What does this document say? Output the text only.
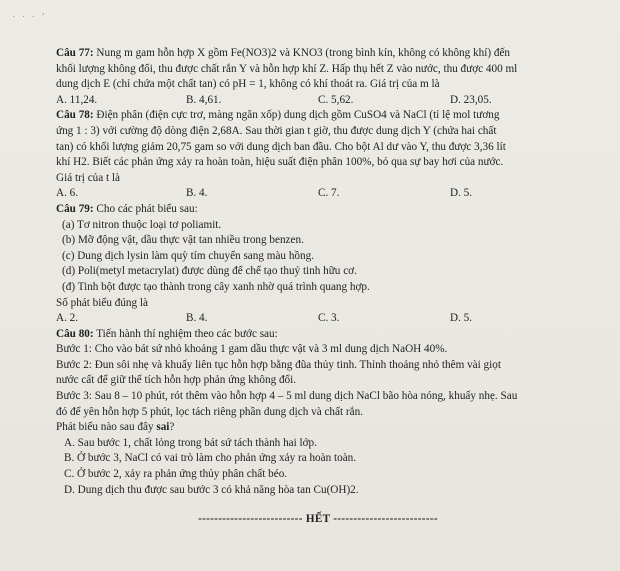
· · · ’

Câu 77: Nung m gam hỗn hợp X gồm Fe(NO3)2 và KNO3 (trong bình kín, không có không khí) đến

khối lượng không đổi, thu được chất rắn Y và hỗn hợp khí Z. Hấp thụ hết Z vào nước, thu được 400 ml

dung dịch E (chỉ chứa một chất tan) có pH = 1, không có khí thoát ra. Giá trị của m là

A. 11,24.	B. 4,61.	C. 5,62.	D. 23,05.

Câu 78: Điện phân (điện cực trơ, màng ngăn xốp) dung dịch gồm CuSO4 và NaCl (tỉ lệ mol tương

ứng 1 : 3) với cường độ dòng điện 2,68A. Sau thời gian t giờ, thu được dung dịch Y (chứa hai chất

tan) có khối lượng giảm 20,75 gam so với dung dịch ban đầu. Cho bột Al dư vào Y, thu được 3,36 lít

khí H2. Biết các phản ứng xảy ra hoàn toàn, hiệu suất điện phân 100%, bỏ qua sự bay hơi của nước.

Giá trị của t là

A. 6.	B. 4.	C. 7.	D. 5.

Câu 79: Cho các phát biểu sau:

(a) Tơ nitron thuộc loại tơ poliamit.

(b) Mỡ động vật, dầu thực vật tan nhiều trong benzen.

(c) Dung dịch lysin làm quỳ tím chuyển sang màu hồng.

(d) Poli(metyl metacrylat) được dùng để chế tạo thuỷ tinh hữu cơ.

(đ) Tinh bột được tạo thành trong cây xanh nhờ quá trình quang hợp.

Số phát biểu đúng là

A. 2.	B. 4.	C. 3.	D. 5.

Câu 80: Tiến hành thí nghiệm theo các bước sau:

Bước 1: Cho vào bát sứ nhỏ khoảng 1 gam dầu thực vật và 3 ml dung dịch NaOH 40%.

Bước 2: Đun sôi nhẹ và khuấy liên tục hỗn hợp bằng đũa thủy tinh. Thỉnh thoảng nhỏ thêm vài giọt

nước cất để giữ thể tích hỗn hợp phản ứng không đổi.

Bước 3: Sau 8 – 10 phút, rót thêm vào hỗn hợp 4 – 5 ml dung dịch NaCl bão hòa nóng, khuấy nhẹ. Sau

đó để yên hỗn hợp 5 phút, lọc tách riêng phần dung dịch và chất rắn.

Phát biểu nào sau đây sai?

A. Sau bước 1, chất lỏng trong bát sứ tách thành hai lớp.

B. Ở bước 3, NaCl có vai trò làm cho phản ứng xảy ra hoàn toàn.

C. Ở bước 2, xảy ra phản ứng thủy phân chất béo.

D. Dung dịch thu được sau bước 3 có khả năng hòa tan Cu(OH)2.

-------------------------- HẾT --------------------------
